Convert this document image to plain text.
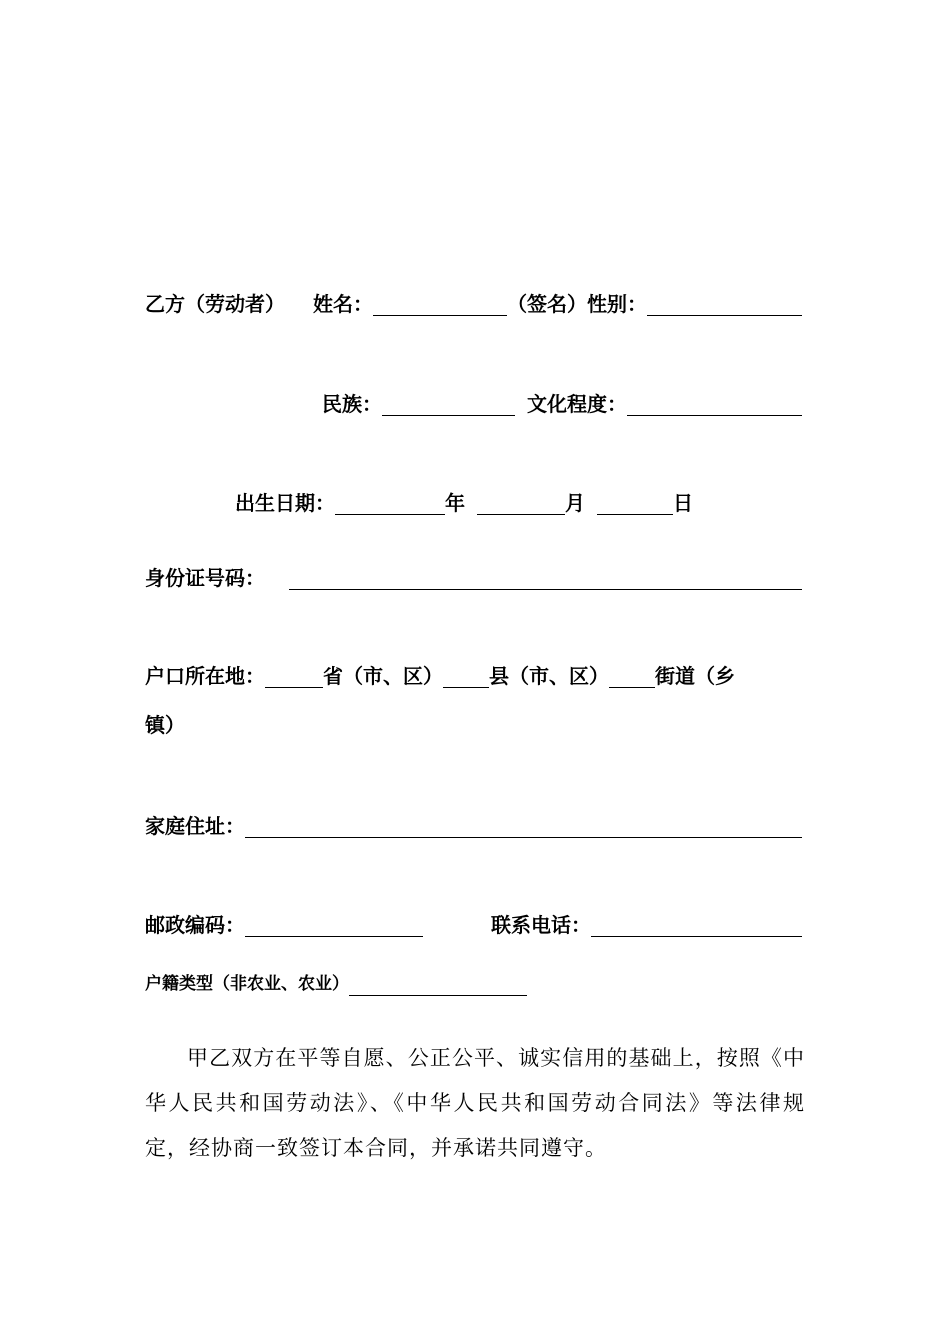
乙方（劳动者） 姓名：	（签名）性别：
民族：	文化程度：
出生日期：	年	月	日
身份证号码：
户口所在地：	省（市、区） 县（市、区） 街道（乡
镇）
家庭住址：
邮政编码：	联系电话：
户籍类型（非农业、农业）
甲乙双方在平等自愿、公正公平、诚实信用的基础上，按照《中华人民共和国劳动法》、《中华人民共和国劳动合同法》等法律规定，经协商一致签订本合同，并承诺共同遵守。
